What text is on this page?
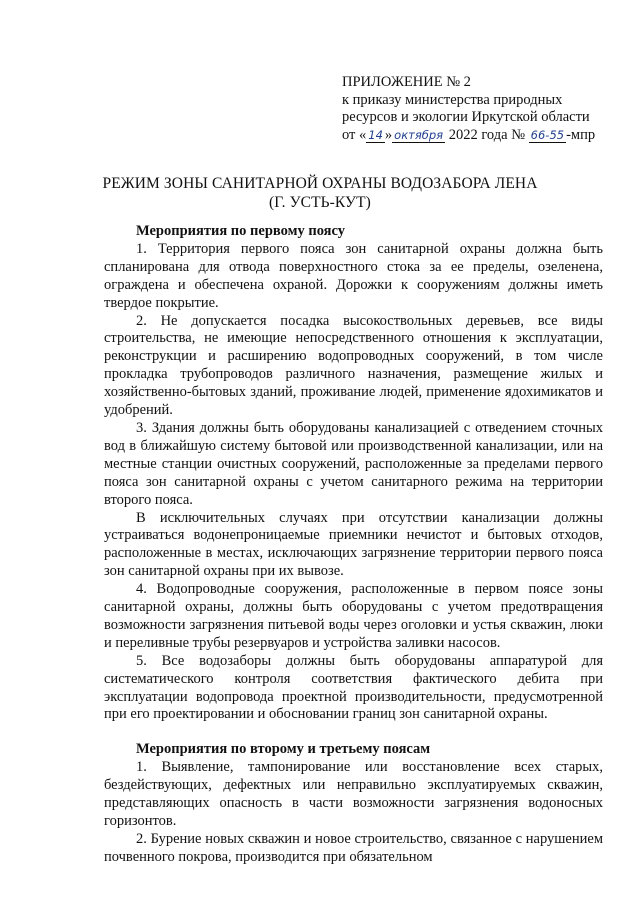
ПРИЛОЖЕНИЕ № 2
к приказу министерства природных
ресурсов и экологии Иркутской области
от « 14 » октября 2022 года № 66-55 -мпр
РЕЖИМ ЗОНЫ САНИТАРНОЙ ОХРАНЫ ВОДОЗАБОРА ЛЕНА
(Г. УСТЬ-КУТ)

Мероприятия по первому поясу

1. Территория первого пояса зон санитарной охраны должна быть спланирована для отвода поверхностного стока за ее пределы, озеленена, ограждена и обеспечена охраной. Дорожки к сооружениям должны иметь твердое покрытие.

2. Не допускается посадка высокоствольных деревьев, все виды строительства, не имеющие непосредственного отношения к эксплуатации, реконструкции и расширению водопроводных сооружений, в том числе прокладка трубопроводов различного назначения, размещение жилых и хозяйственно-бытовых зданий, проживание людей, применение ядохимикатов и удобрений.

3. Здания должны быть оборудованы канализацией с отведением сточных вод в ближайшую систему бытовой или производственной канализации, или на местные станции очистных сооружений, расположенные за пределами первого пояса зон санитарной охраны с учетом санитарного режима на территории второго пояса.

В исключительных случаях при отсутствии канализации должны устраиваться водонепроницаемые приемники нечистот и бытовых отходов, расположенные в местах, исключающих загрязнение территории первого пояса зон санитарной охраны при их вывозе.

4. Водопроводные сооружения, расположенные в первом поясе зоны санитарной охраны, должны быть оборудованы с учетом предотвращения возможности загрязнения питьевой воды через оголовки и устья скважин, люки и переливные трубы резервуаров и устройства заливки насосов.

5. Все водозаборы должны быть оборудованы аппаратурой для систематического контроля соответствия фактического дебита при эксплуатации водопровода проектной производительности, предусмотренной при его проектировании и обосновании границ зон санитарной охраны.

Мероприятия по второму и третьему поясам

1. Выявление, тампонирование или восстановление всех старых, бездействующих, дефектных или неправильно эксплуатируемых скважин, представляющих опасность в части возможности загрязнения водоносных горизонтов.

2. Бурение новых скважин и новое строительство, связанное с нарушением почвенного покрова, производится при обязательном
